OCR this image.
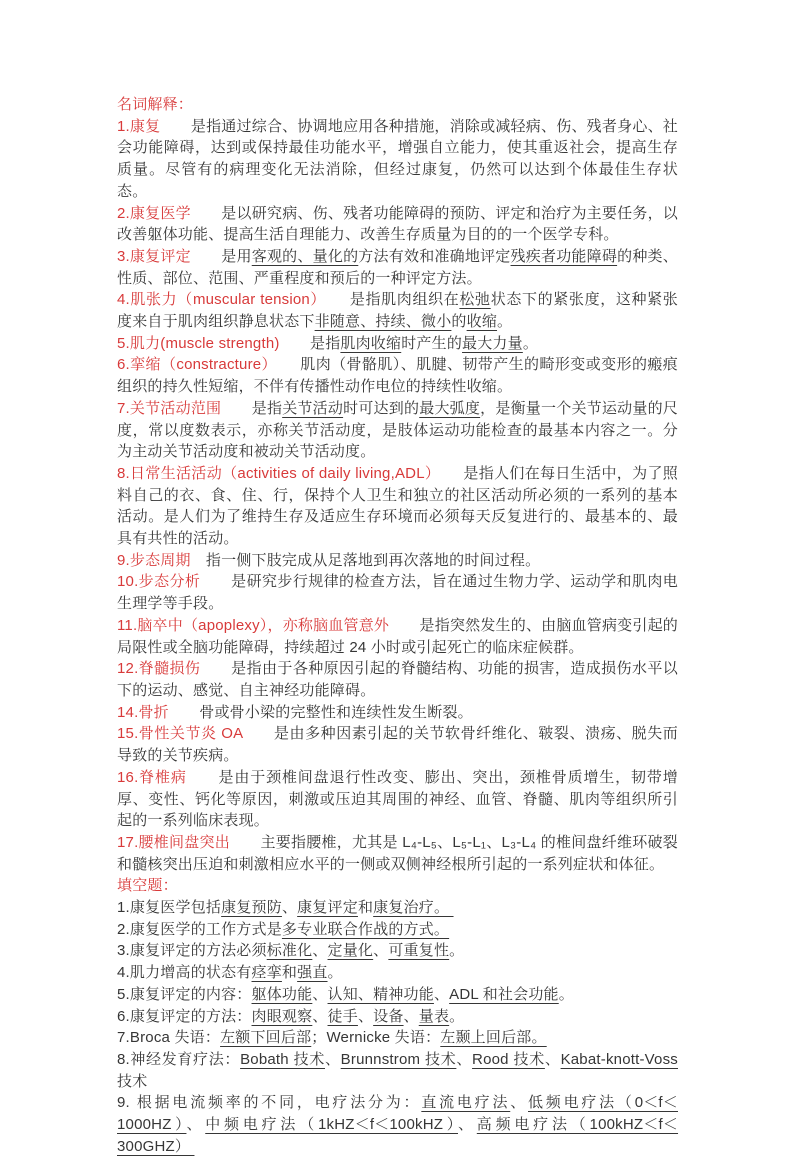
名词解释：

1.康复　　是指通过综合、协调地应用各种措施，消除或减轻病、伤、残者身心、社会功能障碍，达到或保持最佳功能水平，增强自立能力，使其重返社会，提高生存质量。尽管有的病理变化无法消除，但经过康复，仍然可以达到个体最佳生存状态。

2.康复医学　　是以研究病、伤、残者功能障碍的预防、评定和治疗为主要任务，以改善躯体功能、提高生活自理能力、改善生存质量为目的的一个医学专科。

3.康复评定　　是用客观的、量化的方法有效和准确地评定残疾者功能障碍的种类、性质、部位、范围、严重程度和预后的一种评定方法。

4.肌张力（muscular tension）　　是指肌肉组织在松弛状态下的紧张度，这种紧张度来自于肌肉组织静息状态下非随意、持续、微小的收缩。

5.肌力(muscle strength)　　是指肌肉收缩时产生的最大力量。

6.挛缩（constracture）　　肌肉（骨骼肌）、肌腱、韧带产生的畸形变或变形的瘢痕组织的持久性短缩，不伴有传播性动作电位的持续性收缩。

7.关节活动范围　　是指关节活动时可达到的最大弧度，是衡量一个关节运动量的尺度，常以度数表示，亦称关节活动度，是肢体运动功能检查的最基本内容之一。分为主动关节活动度和被动关节活动度。

8.日常生活活动（activities of daily living,ADL）　　是指人们在每日生活中，为了照料自己的衣、食、住、行，保持个人卫生和独立的社区活动所必须的一系列的基本活动。是人们为了维持生存及适应生存环境而必须每天反复进行的、最基本的、最具有共性的活动。

9.步态周期　指一侧下肢完成从足落地到再次落地的时间过程。

10.步态分析　　是研究步行规律的检查方法，旨在通过生物力学、运动学和肌肉电生理学等手段。

11.脑卒中（apoplexy），亦称脑血管意外　　是指突然发生的、由脑血管病变引起的局限性或全脑功能障碍，持续超过 24 小时或引起死亡的临床症候群。

12.脊髓损伤　　是指由于各种原因引起的脊髓结构、功能的损害，造成损伤水平以下的运动、感觉、自主神经功能障碍。

14.骨折　　骨或骨小梁的完整性和连续性发生断裂。

15.骨性关节炎 OA　　是由多种因素引起的关节软骨纤维化、皲裂、溃疡、脱失而导致的关节疾病。

16.脊椎病　　是由于颈椎间盘退行性改变、膨出、突出，颈椎骨质增生，韧带增厚、变性、钙化等原因，刺激或压迫其周围的神经、血管、脊髓、肌肉等组织所引起的一系列临床表现。

17.腰椎间盘突出　　主要指腰椎，尤其是 L₄-L₅、L₅-L₁、L₃-L₄ 的椎间盘纤维环破裂和髓核突出压迫和刺激相应水平的一侧或双侧神经根所引起的一系列症状和体征。

填空题：

1.康复医学包括康复预防、康复评定和康复治疗。

2.康复医学的工作方式是多专业联合作战的方式。

3.康复评定的方法必须标准化、定量化、可重复性。

4.肌力增高的状态有痉挛和强直。

5.康复评定的内容：躯体功能、认知、精神功能、ADL 和社会功能。

6.康复评定的方法：肉眼观察、徒手、设备、量表。

7.Broca 失语：左额下回后部；Wernicke 失语：左颞上回后部。

8.神经发育疗法：Bobath 技术、Brunnstrom 技术、Rood 技术、Kabat-knott-Voss 技术

9. 根据电流频率的不同，电疗法分为：直流电疗法、低频电疗法（0＜f＜1000HZ）、中频电疗法（1kHZ＜f＜100kHZ）、高频电疗法（100kHZ＜f＜300GHZ）
